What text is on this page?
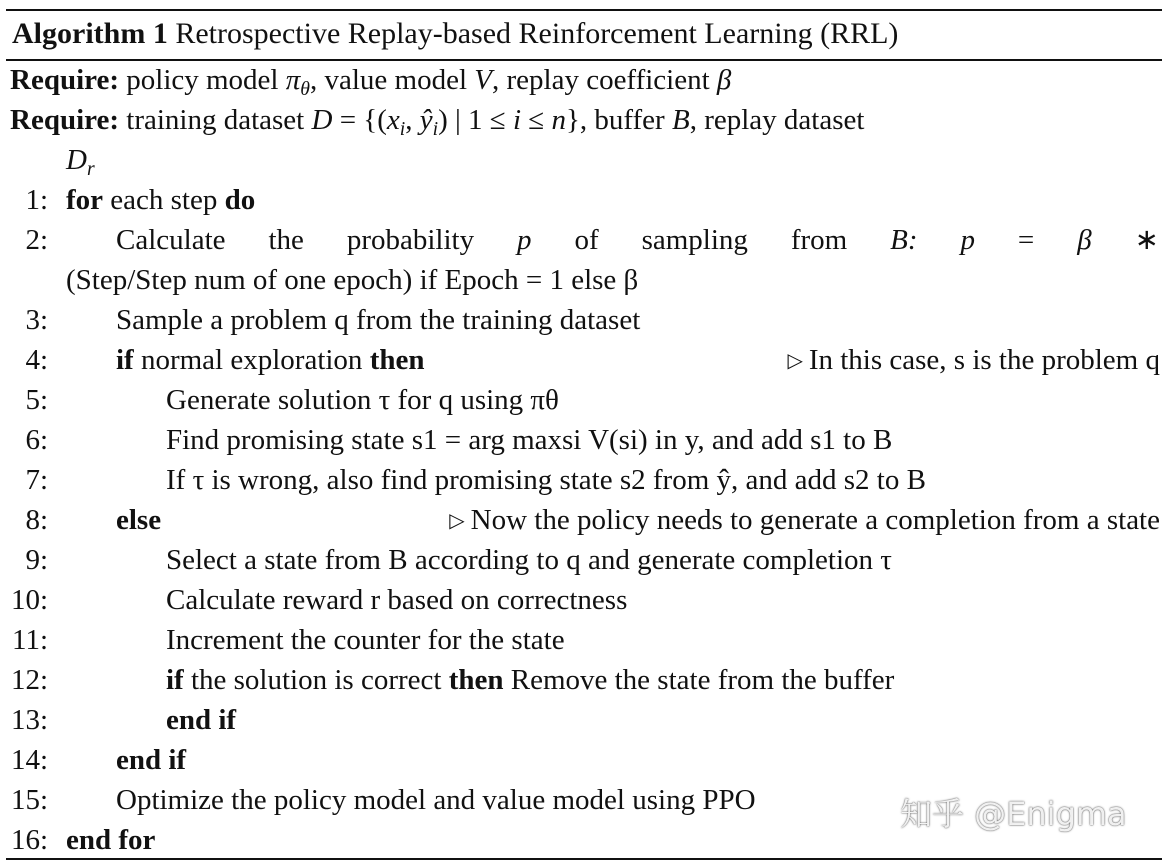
Algorithm 1 Retrospective Replay-based Reinforcement Learning (RRL)
Require: policy model $\pi_\theta$, value model V, replay coefficient β
Require: training dataset $D = \{(x_i$, $ŷ_i$) | 1 ≤ i ≤ n}, buffer B, replay dataset
$D_r$
1: for each step do
2: Calculate the probability p of sampling from B: p = β ∗
(Step/Step num of one epoch) if Epoch = 1 else β
3: Sample a problem q from the training dataset
4: if normal exploration then	▷ In this case, s is the problem q
5:	Generate solution τ for q using πθ
6:	Find promising state s1 = arg maxsi V(si) in y, and add s1 to B
7:	If τ is wrong, also find promising state s2 from ŷ, and add s2 to B
8: else	▷ Now the policy needs to generate a completion from a state
9:	Select a state from B according to q and generate completion τ
10:	Calculate reward r based on correctness
11:	Increment the counter for the state
12:	if the solution is correct then Remove the state from the buffer
13:	end if
14: end if
15: Optimize the policy model and value model using PPO
16: end for
知乎 @Enigma
